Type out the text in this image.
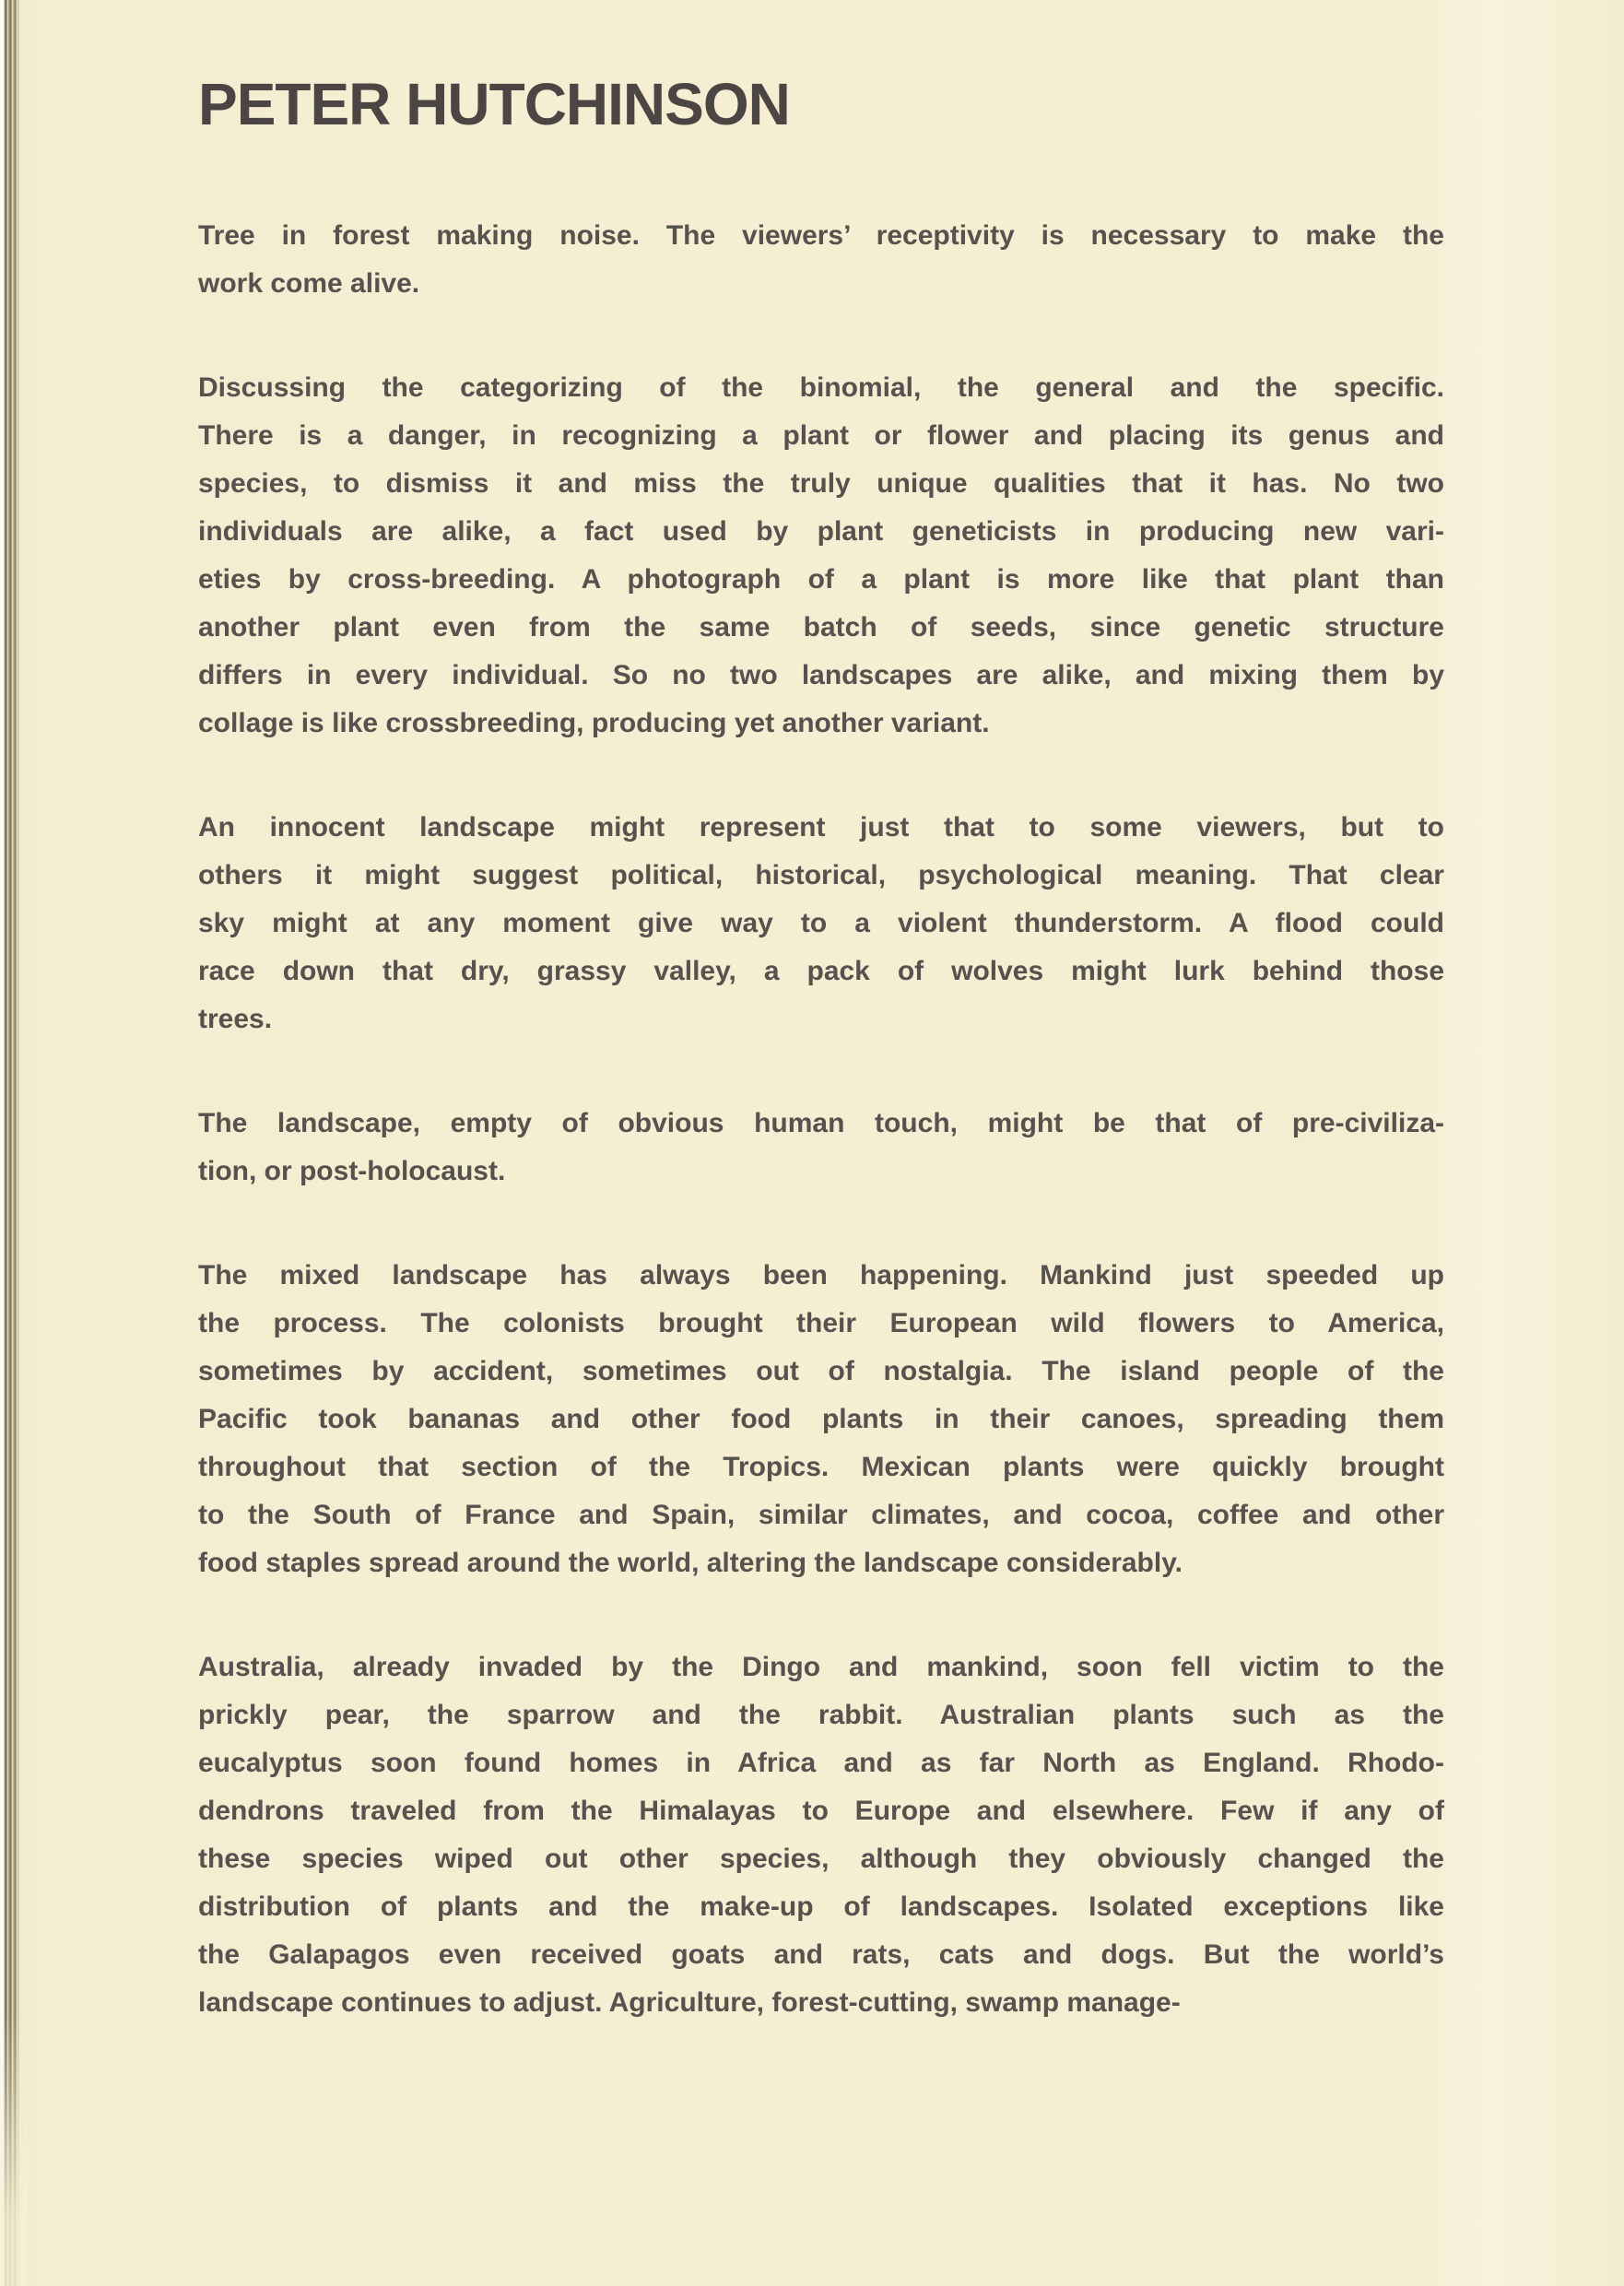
PETER HUTCHINSON
Tree in forest making noise. The viewers’ receptivity is necessary to make the
work come alive.
Discussing the categorizing of the binomial, the general and the specific.
There is a danger, in recognizing a plant or flower and placing its genus and
species, to dismiss it and miss the truly unique qualities that it has. No two
individuals are alike, a fact used by plant geneticists in producing new vari-
eties by cross-breeding. A photograph of a plant is more like that plant than
another plant even from the same batch of seeds, since genetic structure
differs in every individual. So no two landscapes are alike, and mixing them by
collage is like crossbreeding, producing yet another variant.
An innocent landscape might represent just that to some viewers, but to
others it might suggest political, historical, psychological meaning. That clear
sky might at any moment give way to a violent thunderstorm. A flood could
race down that dry, grassy valley, a pack of wolves might lurk behind those
trees.
The landscape, empty of obvious human touch, might be that of pre-civiliza-
tion, or post-holocaust.
The mixed landscape has always been happening. Mankind just speeded up
the process. The colonists brought their European wild flowers to America,
sometimes by accident, sometimes out of nostalgia. The island people of the
Pacific took bananas and other food plants in their canoes, spreading them
throughout that section of the Tropics. Mexican plants were quickly brought
to the South of France and Spain, similar climates, and cocoa, coffee and other
food staples spread around the world, altering the landscape considerably.
Australia, already invaded by the Dingo and mankind, soon fell victim to the
prickly pear, the sparrow and the rabbit. Australian plants such as the
eucalyptus soon found homes in Africa and as far North as England. Rhodo-
dendrons traveled from the Himalayas to Europe and elsewhere. Few if any of
these species wiped out other species, although they obviously changed the
distribution of plants and the make-up of landscapes. Isolated exceptions like
the Galapagos even received goats and rats, cats and dogs. But the world’s
landscape continues to adjust. Agriculture, forest-cutting, swamp manage-
